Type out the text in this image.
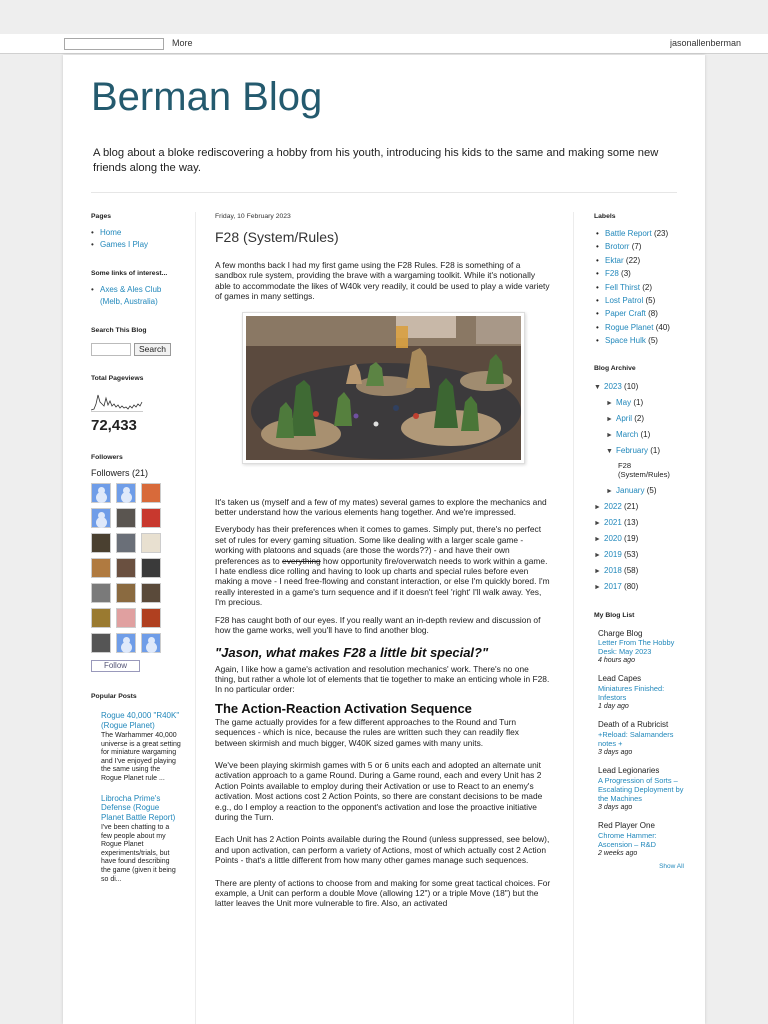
More	jasonallenberman
Berman Blog
A blog about a bloke rediscovering a hobby from his youth, introducing his kids to the same and making some new friends along the way.
Pages
• Home
• Games I Play
Some links of interest...
• Axes & Ales Club (Melb, Australia)
Search This Blog
Search
Total Pageviews
72,433
Followers
Followers (21)
Follow
Popular Posts
Rogue 40,000 "R40K" (Rogue Planet)
The Warhammer 40,000 universe is a great setting for miniature wargaming and I've enjoyed playing the same using the Rogue Planet rule ...
Librocha Prime's Defense (Rogue Planet Battle Report)
I've been chatting to a few people about my Rogue Planet experiments/trials, but have found describing the game (given it being so di...
Friday, 10 February 2023
F28 (System/Rules)
A few months back I had my first game using the F28 Rules. F28 is something of a sandbox rule system, providing the brave with a wargaming toolkit. While it's notionally able to accommodate the likes of W40k very readily, it could be used to play a wide variety of games in many settings.
It's taken us (myself and a few of my mates) several games to explore the mechanics and better understand how the various elements hang together. And we're impressed.
Everybody has their preferences when it comes to games. Simply put, there's no perfect set of rules for every gaming situation. Some like dealing with a larger scale game - working with platoons and squads (are those the words??) - and have their own preferences as to everything how opportunity fire/overwatch needs to work within a game. I hate endless dice rolling and having to look up charts and special rules before even making a move - I need free-flowing and constant interaction, or else I'm quickly bored. I'm really interested in a game's turn sequence and if it doesn't feel 'right' I'll walk away. Yes, I'm precious.
F28 has caught both of our eyes. If you really want an in-depth review and discussion of how the game works, well you'll have to find another blog.
"Jason, what makes F28 a little bit special?"
Again, I like how a game's activation and resolution mechanics' work. There's no one thing, but rather a whole lot of elements that tie together to make an enticing whole in F28. In no particular order:
The Action-Reaction Activation Sequence
The game actually provides for a few different approaches to the Round and Turn sequences - which is nice, because the rules are written such they can readily flex between skirmish and much bigger, W40K sized games with many units.
We've been playing skirmish games with 5 or 6 units each and adopted an alternate unit activation approach to a game Round. During a Game round, each and every Unit has 2 Action Points available to employ during their Activation or use to React to an enemy's activation. Most actions cost 2 Action Points, so there are constant decisions to be made e.g., do I employ a reaction to the opponent's activation and lose the proactive initiative during the Turn.
Each Unit has 2 Action Points available during the Round (unless suppressed, see below), and upon activation, can perform a variety of Actions, most of which actually cost 2 Action Points - that's a little different from how many other games manage such sequences.
There are plenty of actions to choose from and making for some great tactical choices. For example, a Unit can perform a double Move (allowing 12") or a triple Move (18") but the latter leaves the Unit more vulnerable to fire. Also, an activated
Labels
• Battle Report (23)
• Brotorr (7)
• Ektar (22)
• F28 (3)
• Fell Thirst (2)
• Lost Patrol (5)
• Paper Craft (8)
• Rogue Planet (40)
• Space Hulk (5)
Blog Archive
▼ 2023 (10)
► May (1)
► April (2)
► March (1)
▼ February (1)
F28 (System/Rules)
► January (5)
► 2022 (21)
► 2021 (13)
► 2020 (19)
► 2019 (53)
► 2018 (58)
► 2017 (80)
My Blog List
Charge Blog
Letter From The Hobby Desk: May 2023
4 hours ago
Lead Capes
Miniatures Finished: Infestors
1 day ago
Death of a Rubricist
+Reload: Salamanders notes +
3 days ago
Lead Legionaries
A Progression of Sorts – Escalating Deployment by the Machines
3 days ago
Red Player One
Chrome Hammer: Ascension – R&D
2 weeks ago
Show All
